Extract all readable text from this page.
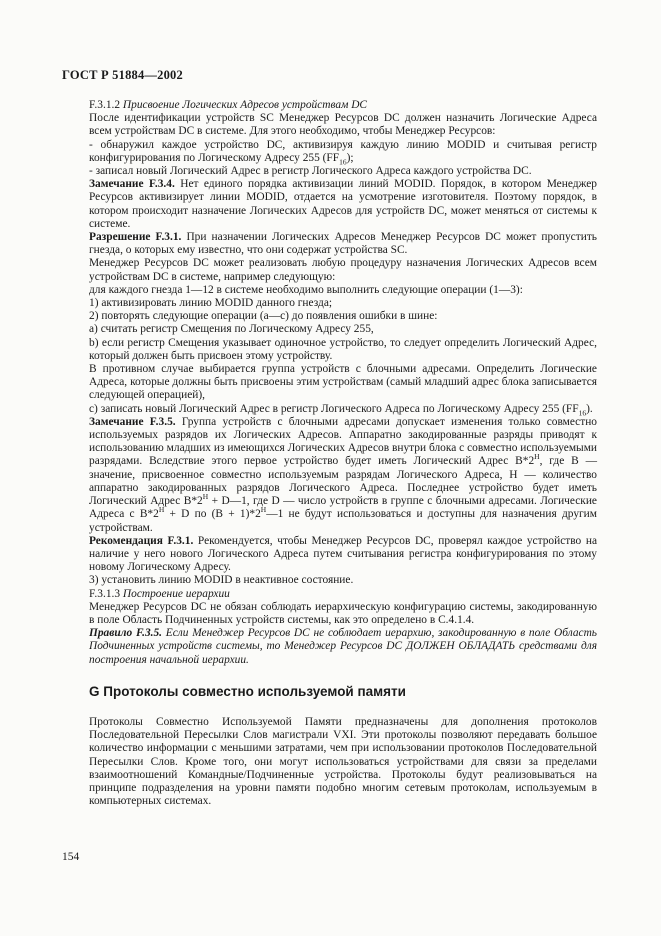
ГОСТ Р 51884—2002

F.3.1.2 Присвоение Логических Адресов устройствам DC

После идентификации устройств SC Менеджер Ресурсов DC должен назначить Логические Адреса всем устройствам DC в системе. Для этого необходимо, чтобы Менеджер Ресурсов:

- обнаружил каждое устройство DC, активизируя каждую линию MODID и считывая регистр конфигурирования по Логическому Адресу 255 $(FF_{16})$;

- записал новый Логический Адрес в регистр Логического Адреса каждого устройства DC.

Замечание F.3.4. Нет единого порядка активизации линий MODID. Порядок, в котором Менеджер Ресурсов активизирует линии MODID, отдается на усмотрение изготовителя. Поэтому порядок, в котором происходит назначение Логических Адресов для устройств DC, может меняться от системы к системе.

Разрешение F.3.1. При назначении Логических Адресов Менеджер Ресурсов DC может пропустить гнезда, о которых ему известно, что они содержат устройства SC.

Менеджер Ресурсов DC может реализовать любую процедуру назначения Логических Адресов всем устройствам DC в системе, например следующую:

для каждого гнезда 1—12 в системе необходимо выполнить следующие операции (1—3):

1) активизировать линию MODID данного гнезда;

2) повторять следующие операции (а—с) до появления ошибки в шине:

а) считать регистр Смещения по Логическому Адресу 255,

b) если регистр Смещения указывает одиночное устройство, то следует определить Логический Адрес, который должен быть присвоен этому устройству.

В противном случае выбирается группа устройств с блочными адресами. Определить Логические Адреса, которые должны быть присвоены этим устройствам (самый младший адрес блока записывается следующей операцией),

с) записать новый Логический Адрес в регистр Логического Адреса по Логическому Адресу 255 $(FF_{16})$.

Замечание F.3.5. Группа устройств с блочными адресами допускает изменения только совместно используемых разрядов их Логических Адресов. Аппаратно закодированные разряды приводят к использованию младших из имеющихся Логических Адресов внутри блока с совместно используемыми разрядами. Вследствие этого первое устройство будет иметь Логический Адрес $В*2^H$, где В — значение, присвоенное совместно используемым разрядам Логического Адреса, Н — количество аппаратно закодированных разрядов Логического Адреса. Последнее устройство будет иметь Логический Адрес $В*2^H$ + D—1, где D — число устройств в группе с блочными адресами. Логические Адреса с $В*2^H + D$ по $(В + 1)*2^H—1$ не будут использоваться и доступны для назначения другим устройствам.

Рекомендация F.3.1. Рекомендуется, чтобы Менеджер Ресурсов DC, проверял каждое устройство на наличие у него нового Логического Адреса путем считывания регистра конфигурирования по этому новому Логическому Адресу.

3) установить линию MODID в неактивное состояние.

F.3.1.3 Построение иерархии

Менеджер Ресурсов DC не обязан соблюдать иерархическую конфигурацию системы, закодированную в поле Область Подчиненных устройств системы, как это определено в С.4.1.4.

Правило F.3.5. Если Менеджер Ресурсов DC не соблюдает иерархию, закодированную в поле Область Подчиненных устройств системы, то Менеджер Ресурсов DC ДОЛЖЕН ОБЛАДАТЬ средствами для построения начальной иерархии.

G Протоколы совместно используемой памяти

Протоколы Совместно Используемой Памяти предназначены для дополнения протоколов Последовательной Пересылки Слов магистрали VXI. Эти протоколы позволяют передавать большое количество информации с меньшими затратами, чем при использовании протоколов Последовательной Пересылки Слов. Кроме того, они могут использоваться устройствами для связи за пределами взаимоотношений Командные/Подчиненные устройства. Протоколы будут реализовываться на принципе подразделения на уровни памяти подобно многим сетевым протоколам, используемым в компьютерных системах.

154
